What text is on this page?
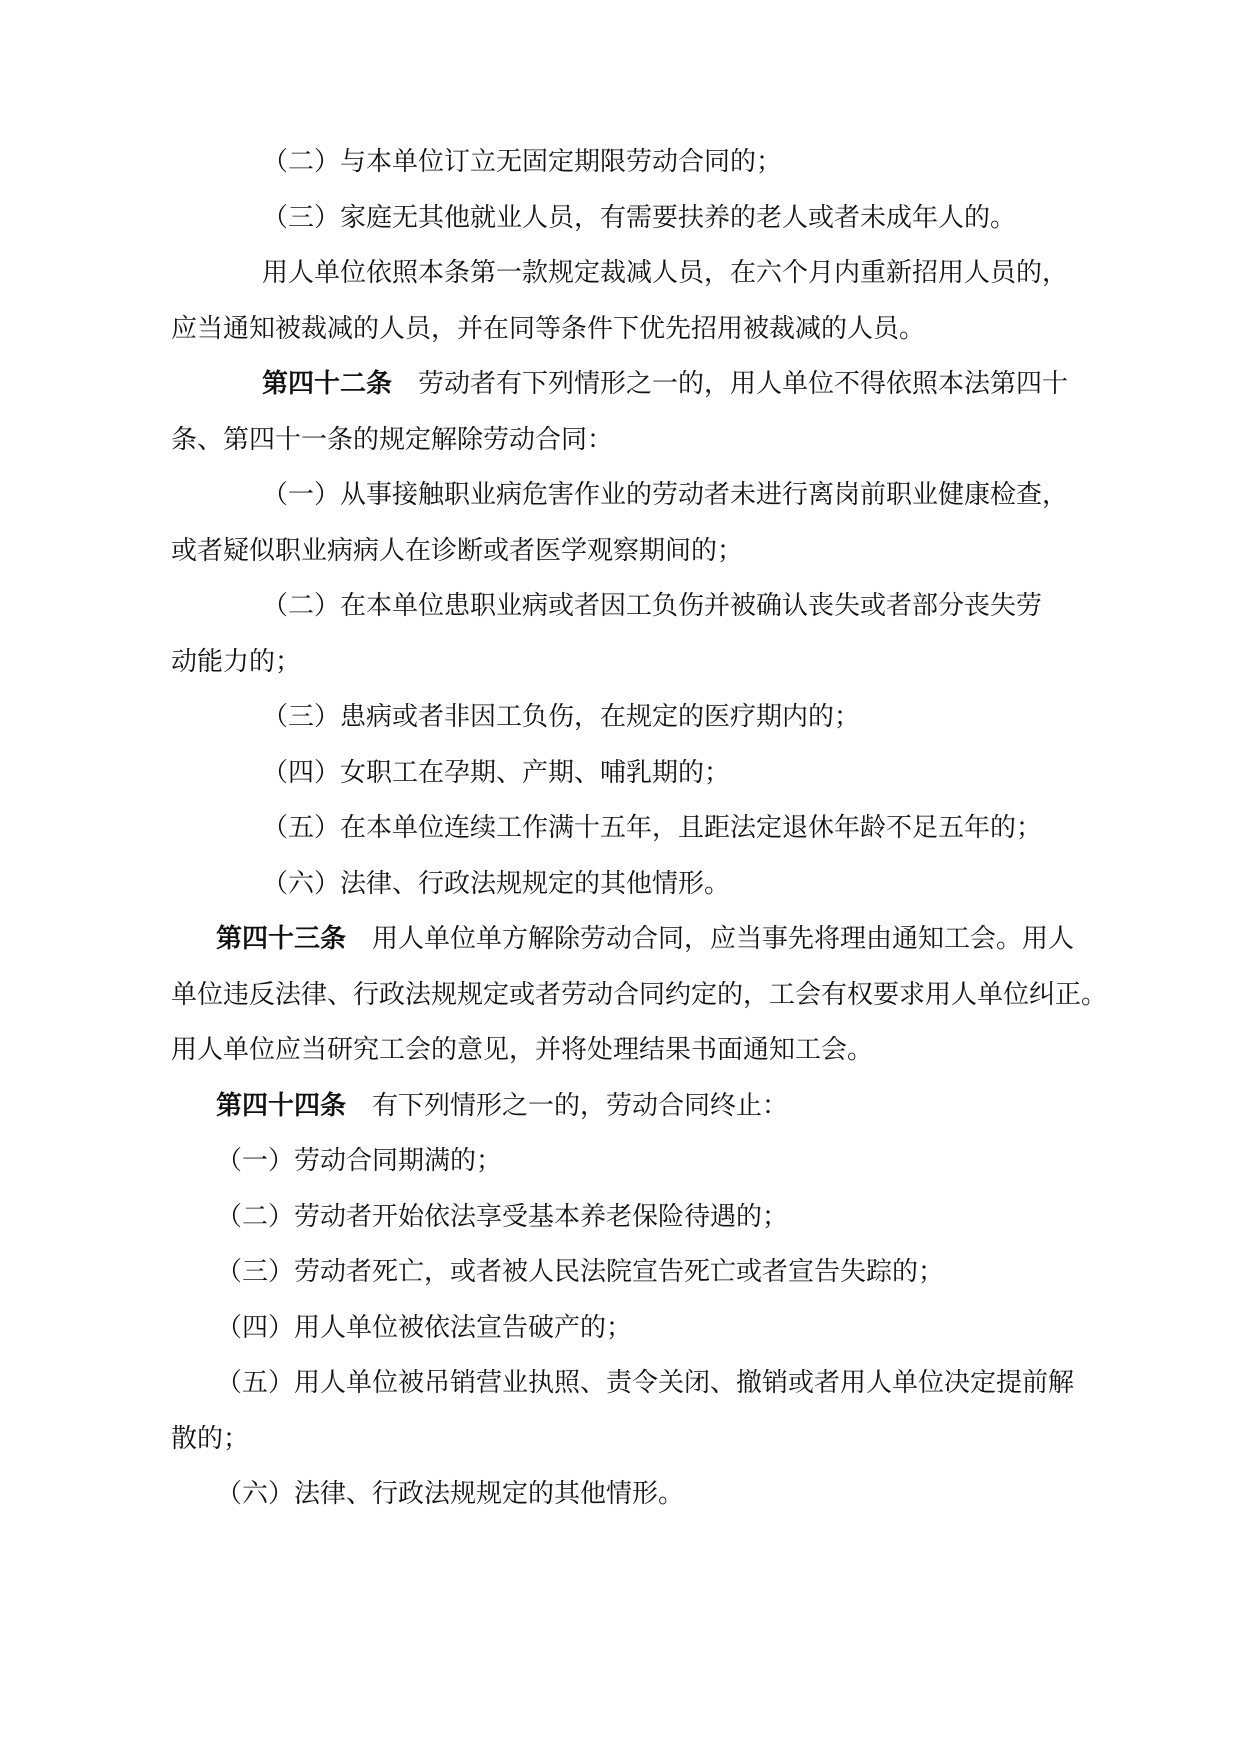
（二）与本单位订立无固定期限劳动合同的；
（三）家庭无其他就业人员，有需要扶养的老人或者未成年人的。
用人单位依照本条第一款规定裁减人员，在六个月内重新招用人员的，
应当通知被裁减的人员，并在同等条件下优先招用被裁减的人员。
第四十二条 劳动者有下列情形之一的，用人单位不得依照本法第四十
条、第四十一条的规定解除劳动合同：
（一）从事接触职业病危害作业的劳动者未进行离岗前职业健康检查，
或者疑似职业病病人在诊断或者医学观察期间的；
（二）在本单位患职业病或者因工负伤并被确认丧失或者部分丧失劳
动能力的；
（三）患病或者非因工负伤，在规定的医疗期内的；
（四）女职工在孕期、产期、哺乳期的；
（五）在本单位连续工作满十五年，且距法定退休年龄不足五年的；
（六）法律、行政法规规定的其他情形。
第四十三条 用人单位单方解除劳动合同，应当事先将理由通知工会。用人
单位违反法律、行政法规规定或者劳动合同约定的，工会有权要求用人单位纠正。
用人单位应当研究工会的意见，并将处理结果书面通知工会。
第四十四条 有下列情形之一的，劳动合同终止：
（一）劳动合同期满的；
（二）劳动者开始依法享受基本养老保险待遇的；
（三）劳动者死亡，或者被人民法院宣告死亡或者宣告失踪的；
（四）用人单位被依法宣告破产的；
（五）用人单位被吊销营业执照、责令关闭、撤销或者用人单位决定提前解
散的；
（六）法律、行政法规规定的其他情形。
